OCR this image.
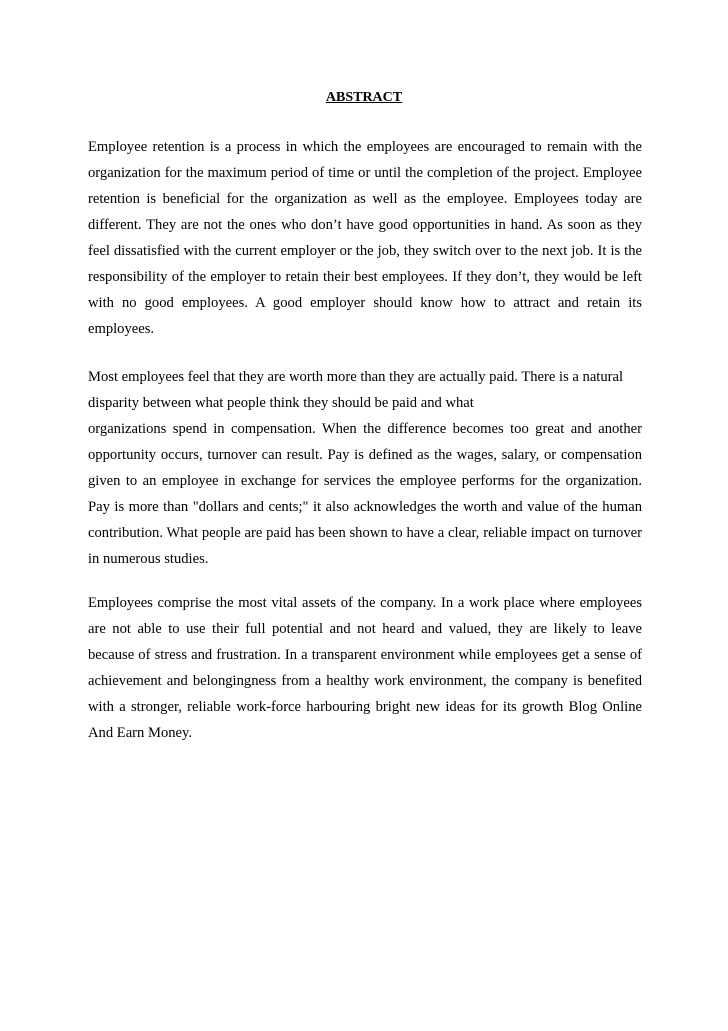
ABSTRACT

Employee retention is a process in which the employees are encouraged to remain with the organization for the maximum period of time or until the completion of the project. Employee retention is beneficial for the organization as well as the employee. Employees today are different. They are not the ones who don’t have good opportunities in hand. As soon as they feel dissatisfied with the current employer or the job, they switch over to the next job. It is the responsibility of the employer to retain their best employees. If they don’t, they would be left with no good employees. A good employer should know how to attract and retain its employees.

Most employees feel that they are worth more than they are actually paid. There is a natural disparity between what people think they should be paid and what
organizations spend in compensation. When the difference becomes too great and another opportunity occurs, turnover can result. Pay is defined as the wages, salary, or compensation given to an employee in exchange for services the employee performs for the organization. Pay is more than "dollars and cents;" it also acknowledges the worth and value of the human contribution. What people are paid has been shown to have a clear, reliable impact on turnover in numerous studies.

Employees comprise the most vital assets of the company. In a work place where employees are not able to use their full potential and not heard and valued, they are likely to leave because of stress and frustration. In a transparent environment while employees get a sense of achievement and belongingness from a healthy work environment, the company is benefited with a stronger, reliable work-force harbouring bright new ideas for its growth Blog Online And Earn Money.
